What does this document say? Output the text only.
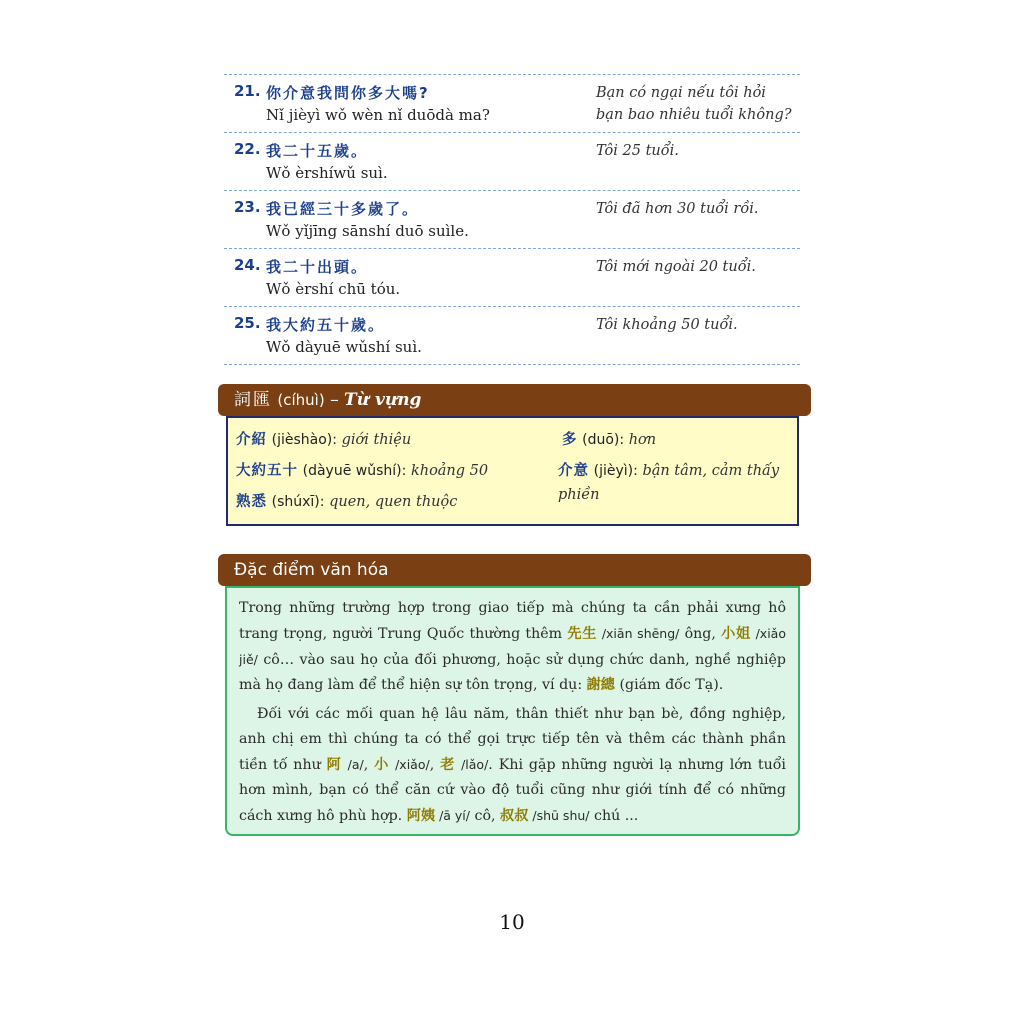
21. 你介意我問你多大嗎?
Nǐ jièyì wǒ wèn nǐ duōdà ma?
Bạn có ngại nếu tôi hỏi bạn bao nhiêu tuổi không?
22. 我二十五歲。
Wǒ èrshíwǔ suì.
Tôi 25 tuổi.
23. 我已經三十多歲了。
Wǒ yǐjīng sānshí duō suìle.
Tôi đã hơn 30 tuổi rồi.
24. 我二十出頭。
Wǒ èrshí chū tóu.
Tôi mới ngoài 20 tuổi.
25. 我大約五十歲。
Wǒ dàyuē wǔshí suì.
Tôi khoảng 50 tuổi.
介紹 (jièshào): giới thiệu
大約五十 (dàyuē wǔshí): khoảng 50
熟悉 (shúxī): quen, quen thuộc
多 (duō): hơn
介意 (jièyì): bận tâm, cảm thấy phiền
詞匯 (cíhuì) – Từ vựng

Trong những trường hợp trong giao tiếp mà chúng ta cần phải xưng hô trang trọng, người Trung Quốc thường thêm 先生 /xiān shēng/ ông, 小姐 /xiǎo jiě/ cô… vào sau họ của đối phương, hoặc sử dụng chức danh, nghề nghiệp mà họ đang làm để thể hiện sự tôn trọng, ví dụ: 謝總 (giám đốc Tạ).

Đối với các mối quan hệ lâu năm, thân thiết như bạn bè, đồng nghiệp, anh chị em thì chúng ta có thể gọi trực tiếp tên và thêm các thành phần tiền tố như 阿 /a/, 小 /xiǎo/, 老 /lǎo/. Khi gặp những người lạ nhưng lớn tuổi hơn mình, bạn có thể căn cứ vào độ tuổi cũng như giới tính để có những cách xưng hô phù hợp. 阿姨 /ā yí/ cô, 叔叔 /shū shu/ chú ...

Đặc điểm văn hóa
10
